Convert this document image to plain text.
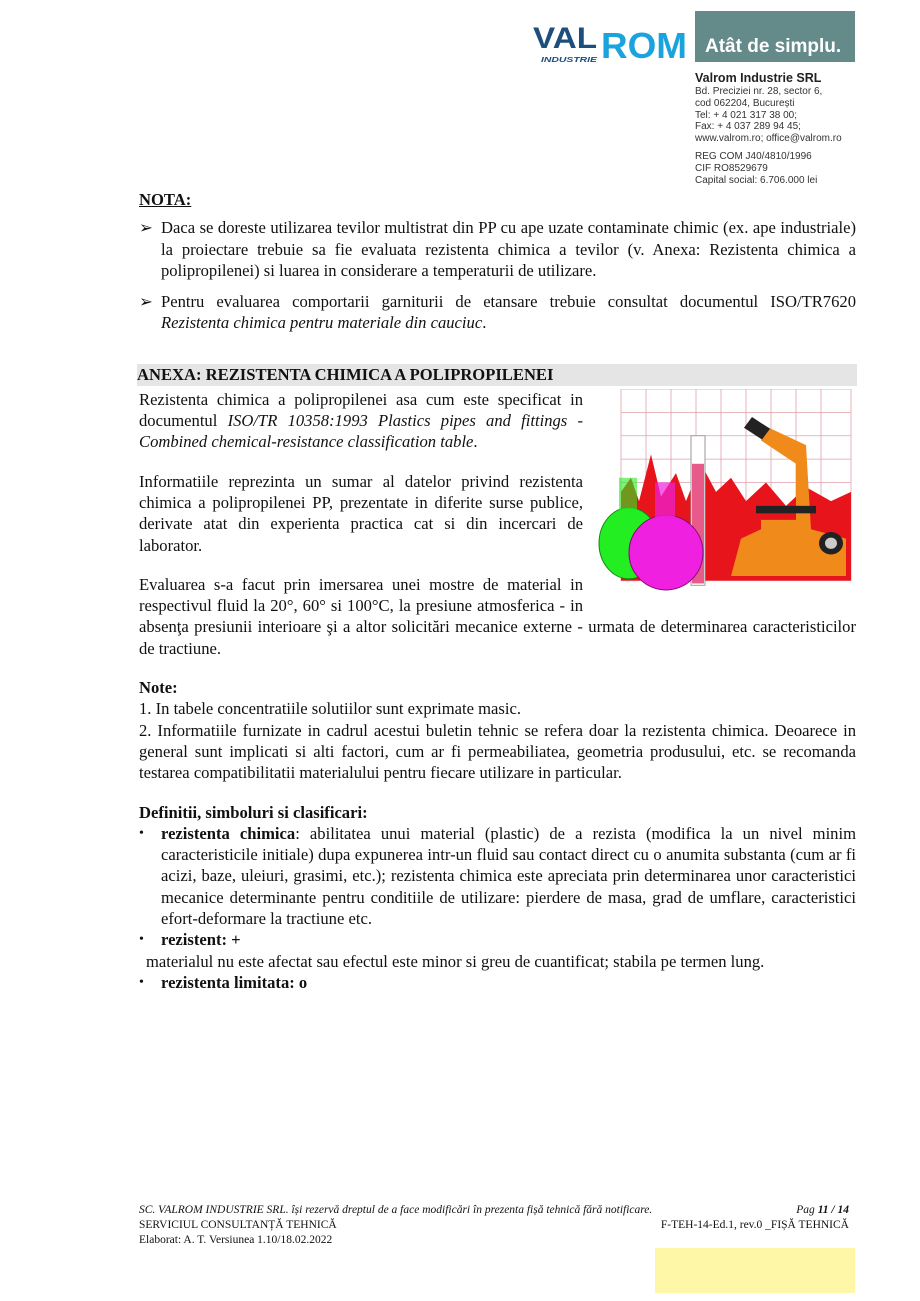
VAL ROM
INDUSTRIE
Atât de simplu.
Valrom Industrie SRL
Bd. Preciziei nr. 28, sector 6,
cod 062204, București
Tel: + 4 021 317 38 00;
Fax: + 4 037 289 94 45;
www.valrom.ro; office@valrom.ro
REG COM J40/4810/1996
CIF RO8529679
Capital social: 6.706.000 lei
NOTA:
➢ Daca se doreste utilizarea tevilor multistrat din PP cu ape uzate contaminate chimic (ex. ape industriale) la proiectare trebuie sa fie evaluata rezistenta chimica a tevilor (v. Anexa: Rezistenta chimica a polipropilenei) si luarea in considerare a temperaturii de utilizare.
➢ Pentru evaluarea comportarii garniturii de etansare trebuie consultat documentul ISO/TR7620 Rezistenta chimica pentru materiale din cauciuc.
ANEXA: REZISTENTA CHIMICA A POLIPROPILENEI

Rezistenta chimica a polipropilenei asa cum este specificat in documentul ISO/TR 10358:1993 Plastics pipes and fittings - Combined chemical-resistance classification table.

Informatiile reprezinta un sumar al datelor privind rezistenta chimica a polipropilenei PP, prezentate in diferite surse publice, derivate atat din experienta practica cat si din incercari de laborator.

Evaluarea s-a facut prin imersarea unei mostre de material in respectivul fluid la 20°, 60° si 100°C, la presiune atmosferica - in absenţa presiunii interioare şi a altor solicitări mecanice externe - urmata de determinarea caracteristicilor de tractiune.

Note:

1. In tabele concentratiile solutiilor sunt exprimate masic.

2. Informatiile furnizate in cadrul acestui buletin tehnic se refera doar la rezistenta chimica. Deoarece in general sunt implicati si alti factori, cum ar fi permeabiliatea, geometria produsului, etc. se recomanda testarea compatibilitatii materialului pentru fiecare utilizare in particular.

Definitii, simboluri si clasificari:
•	rezistenta chimica: abilitatea unui material (plastic) de a rezista (modifica la un nivel minim caracteristicile initiale) dupa expunerea intr-un fluid sau contact direct cu o anumita substanta (cum ar fi acizi, baze, uleiuri, grasimi, etc.); rezistenta chimica este apreciata prin determinarea unor caracteristici mecanice determinante pentru conditiile de utilizare: pierdere de masa, grad de umflare, caracteristici efort-deformare la tractiune etc.

•	rezistent: +

materialul nu este afectat sau efectul este minor si greu de cuantificat; stabila pe termen lung.

•	rezistenta limitata: o
SC. VALROM INDUSTRIE SRL. își rezervă dreptul de a face modificări în prezenta fișă tehnică fără notificare.	Pag 11 / 14
SERVICIUL CONSULTANȚĂ TEHNICĂ	F-TEH-14-Ed.1, rev.0 _FIȘĂ TEHNICĂ
Elaborat: A. T. Versiunea 1.10/18.02.2022
